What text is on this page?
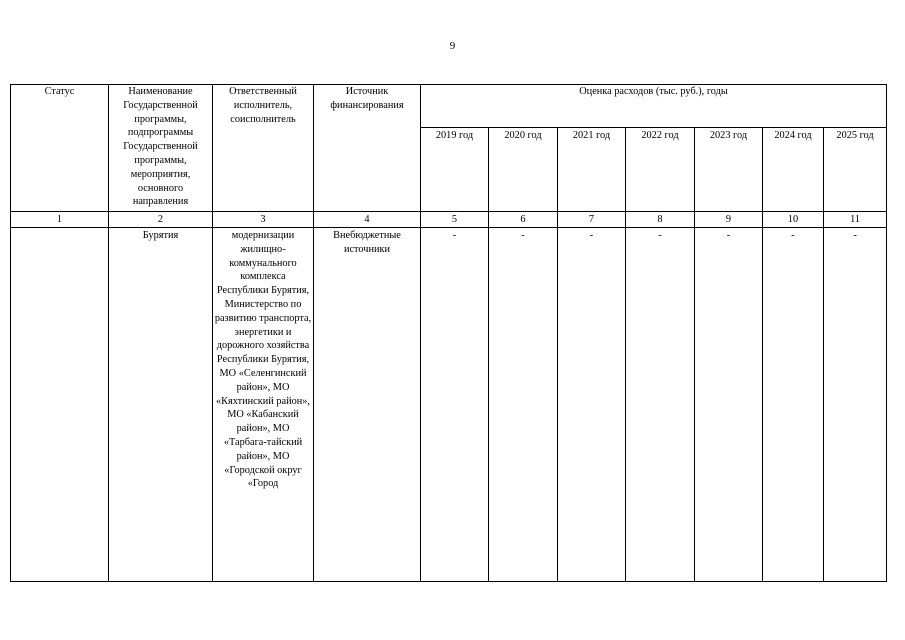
9
Статус	Наименование Государственной программы, подпрограммы Государственной программы, мероприятия, основного направления	Ответственный исполнитель, соисполнитель	Источник финансирования	Оценка расходов (тыс. руб.), годы						

				2019 год	2020 год	2021 год	2022 год	2023 год	2024 год	2025 год
1	2	3	4	5	6	7	8	9	10	11

	Бурятия	модернизации жилищно-коммунального комплекса Республики Бурятия, Министерство по развитию транспорта, энергетики и дорожного хозяйства Республики Бурятия, МО «Селенгинский район», МО «Кяхтинский район», МО «Кабанский район», МО «Тарбага-тайский район», МО «Городской округ «Город	Внебюджетные источники	-	-	-	-	-	-	-
